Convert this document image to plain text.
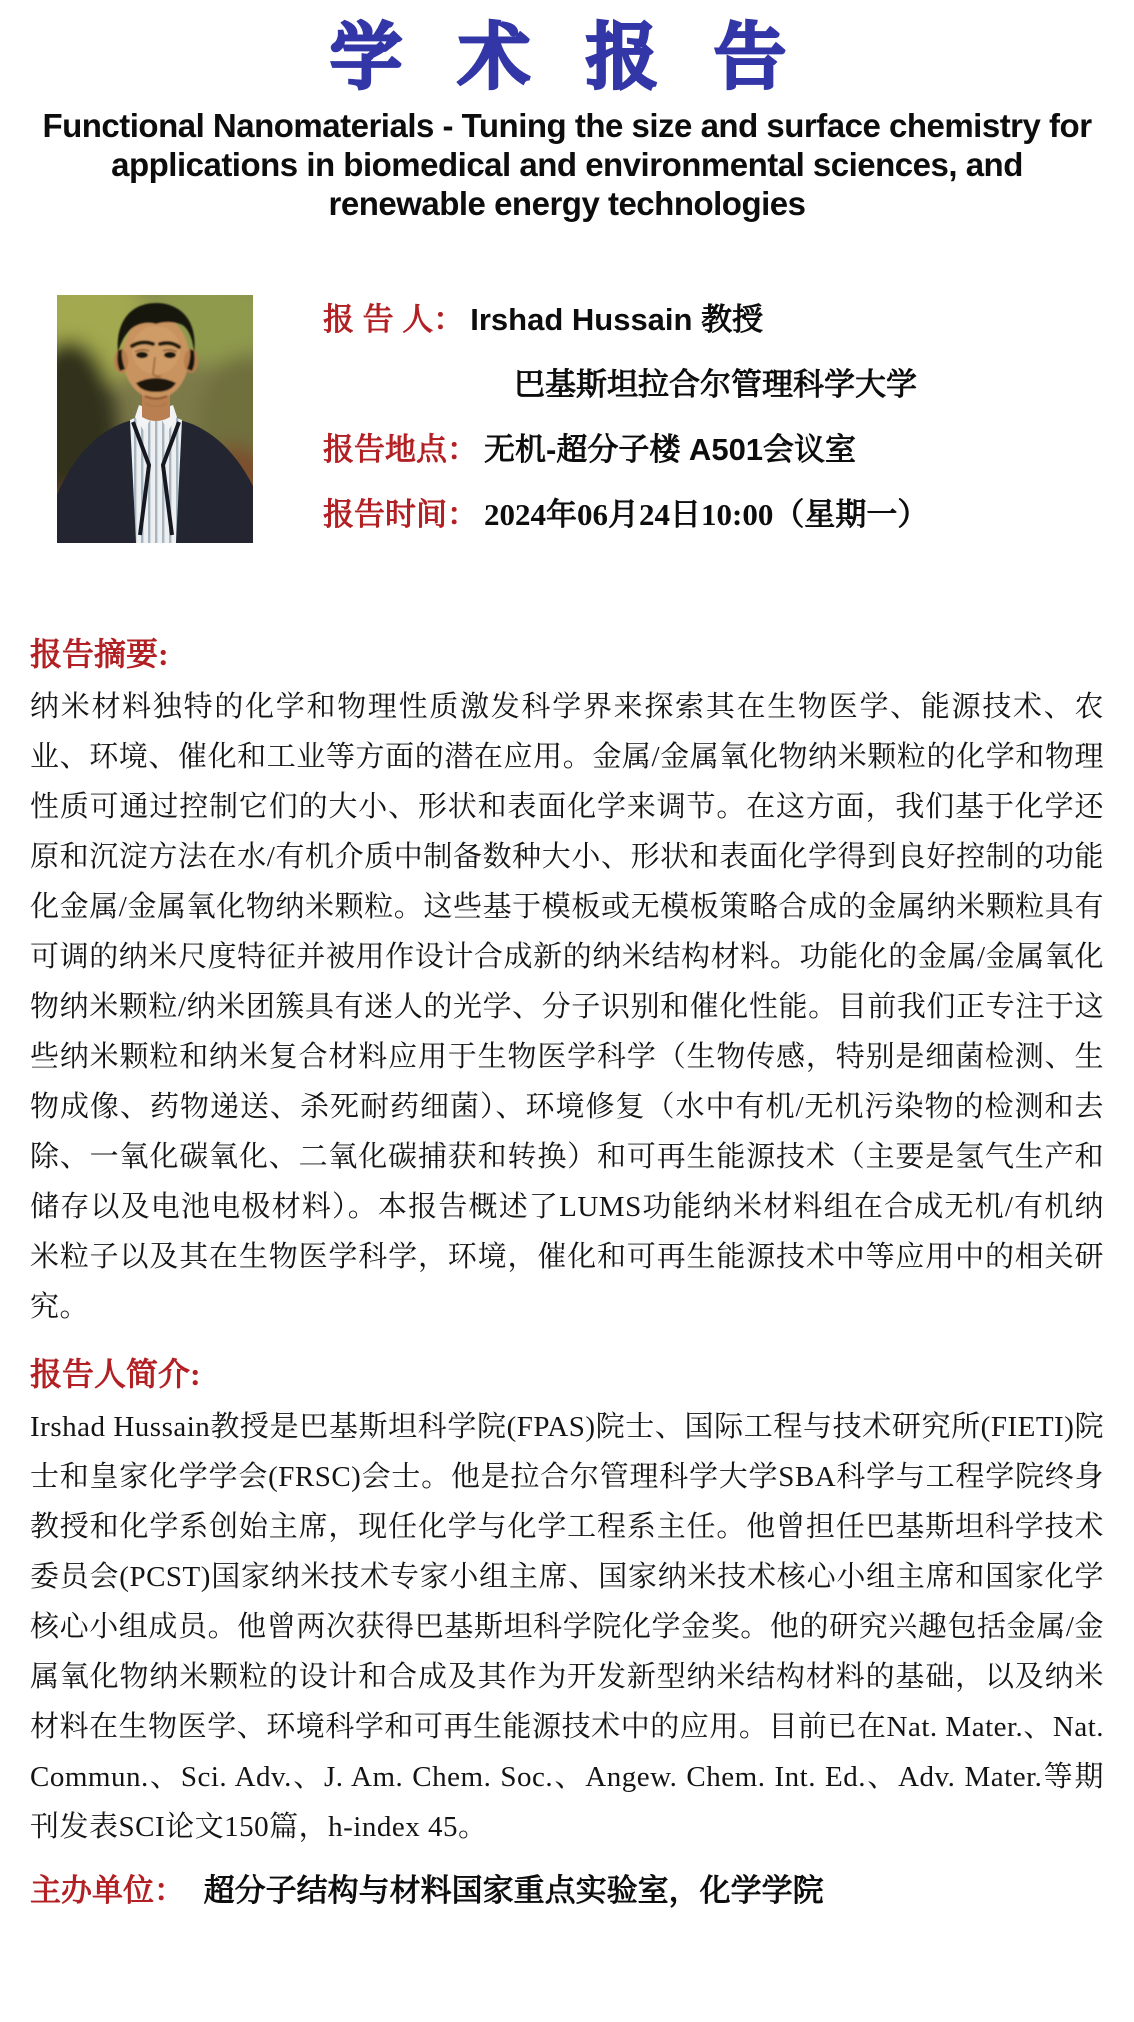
学 术 报 告
Functional Nanomaterials - Tuning the size and surface chemistry for
applications in biomedical and environmental sciences, and
renewable energy technologies
报 告 人： Irshad Hussain 教授
巴基斯坦拉合尔管理科学大学
报告地点： 无机-超分子楼 A501会议室
报告时间： 2024年06月24日10:00（星期一）
报告摘要:
纳米材料独特的化学和物理性质激发科学界来探索其在生物医学、能源技术、农业、环境、催化和工业等方面的潜在应用。金属/金属氧化物纳米颗粒的化学和物理性质可通过控制它们的大小、形状和表面化学来调节。在这方面，我们基于化学还原和沉淀方法在水/有机介质中制备数种大小、形状和表面化学得到良好控制的功能化金属/金属氧化物纳米颗粒。这些基于模板或无模板策略合成的金属纳米颗粒具有可调的纳米尺度特征并被用作设计合成新的纳米结构材料。功能化的金属/金属氧化物纳米颗粒/纳米团簇具有迷人的光学、分子识别和催化性能。目前我们正专注于这些纳米颗粒和纳米复合材料应用于生物医学科学（生物传感，特别是细菌检测、生物成像、药物递送、杀死耐药细菌）、环境修复（水中有机/无机污染物的检测和去除、一氧化碳氧化、二氧化碳捕获和转换）和可再生能源技术（主要是氢气生产和储存以及电池电极材料）。本报告概述了LUMS功能纳米材料组在合成无机/有机纳米粒子以及其在生物医学科学，环境，催化和可再生能源技术中等应用中的相关研究。
报告人简介:
Irshad Hussain教授是巴基斯坦科学院(FPAS)院士、国际工程与技术研究所(FIETI)院士和皇家化学学会(FRSC)会士。他是拉合尔管理科学大学SBA科学与工程学院终身教授和化学系创始主席，现任化学与化学工程系主任。他曾担任巴基斯坦科学技术委员会(PCST)国家纳米技术专家小组主席、国家纳米技术核心小组主席和国家化学核心小组成员。他曾两次获得巴基斯坦科学院化学金奖。他的研究兴趣包括金属/金属氧化物纳米颗粒的设计和合成及其作为开发新型纳米结构材料的基础，以及纳米材料在生物医学、环境科学和可再生能源技术中的应用。目前已在Nat. Mater.、Nat. Commun.、Sci. Adv.、J. Am. Chem. Soc.、Angew. Chem. Int. Ed.、Adv. Mater.等期刊发表SCI论文150篇，h-index 45。
主办单位： 超分子结构与材料国家重点实验室，化学学院
